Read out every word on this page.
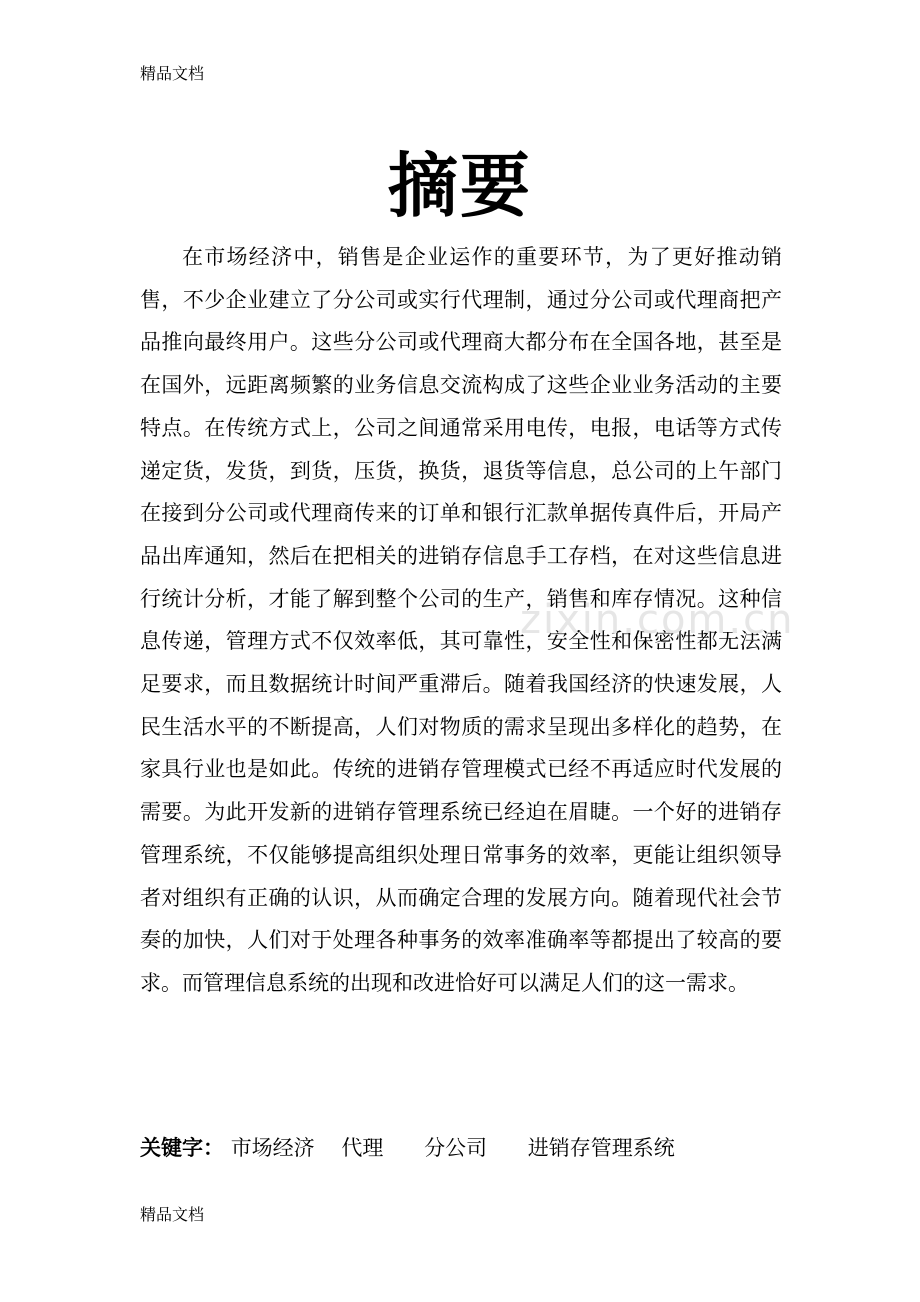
精品文档
摘要

在市场经济中，销售是企业运作的重要环节，为了更好推动销售，不少企业建立了分公司或实行代理制，通过分公司或代理商把产品推向最终用户。这些分公司或代理商大都分布在全国各地，甚至是在国外，远距离频繁的业务信息交流构成了这些企业业务活动的主要特点。在传统方式上，公司之间通常采用电传，电报，电话等方式传递定货，发货，到货，压货，换货，退货等信息，总公司的上午部门在接到分公司或代理商传来的订单和银行汇款单据传真件后，开局产品出库通知，然后在把相关的进销存信息手工存档，在对这些信息进行统计分析，才能了解到整个公司的生产，销售和库存情况。这种信息传递，管理方式不仅效率低，其可靠性，安全性和保密性都无法满足要求，而且数据统计时间严重滞后。随着我国经济的快速发展，人民生活水平的不断提高，人们对物质的需求呈现出多样化的趋势，在家具行业也是如此。传统的进销存管理模式已经不再适应时代发展的需要。为此开发新的进销存管理系统已经迫在眉睫。一个好的进销存管理系统，不仅能够提高组织处理日常事务的效率，更能让组织领导者对组织有正确的认识，从而确定合理的发展方向。随着现代社会节奏的加快，人们对于处理各种事务的效率准确率等都提出了较高的要求。而管理信息系统的出现和改进恰好可以满足人们的这一需求。

zixin.com.cn
关键字： 市场经济 代理 分公司 进销存管理系统
精品文档
